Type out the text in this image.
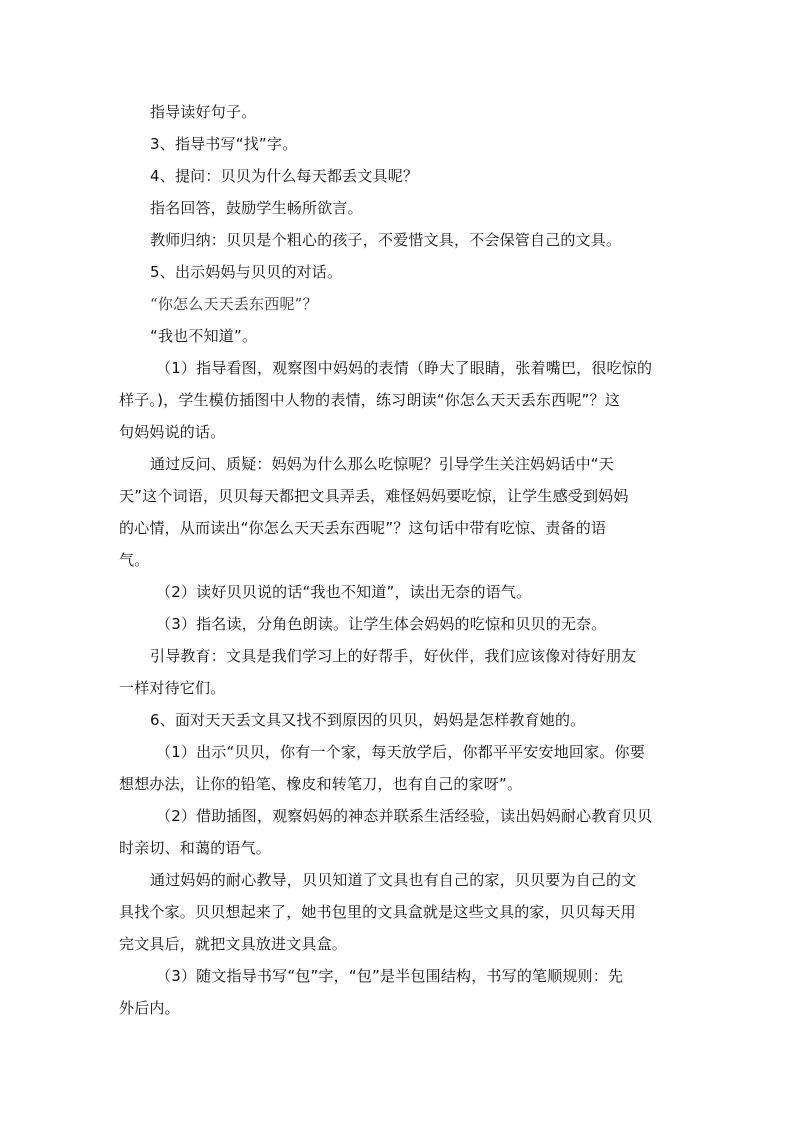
指导读好句子。

3、指导书写“找”字。

4、提问：贝贝为什么每天都丢文具呢？

指名回答，鼓励学生畅所欲言。

教师归纳：贝贝是个粗心的孩子，不爱惜文具，不会保管自己的文具。

5、出示妈妈与贝贝的对话。

“你怎么天天丢东西呢”？

“我也不知道”。

（1）指导看图，观察图中妈妈的表情（睁大了眼睛，张着嘴巴，很吃惊的

样子。)，学生模仿插图中人物的表情，练习朗读“你怎么天天丢东西呢”？这

句妈妈说的话。

通过反问、质疑：妈妈为什么那么吃惊呢？引导学生关注妈妈话中“天

天”这个词语，贝贝每天都把文具弄丢，难怪妈妈要吃惊，让学生感受到妈妈

的心情，从而读出“你怎么天天丢东西呢”？这句话中带有吃惊、责备的语

气。

（2）读好贝贝说的话“我也不知道”，读出无奈的语气。

（3）指名读，分角色朗读。让学生体会妈妈的吃惊和贝贝的无奈。

引导教育：文具是我们学习上的好帮手，好伙伴，我们应该像对待好朋友

一样对待它们。

6、面对天天丢文具又找不到原因的贝贝，妈妈是怎样教育她的。

（1）出示“贝贝，你有一个家，每天放学后，你都平平安安地回家。你要

想想办法，让你的铅笔、橡皮和转笔刀，也有自己的家呀”。

（2）借助插图，观察妈妈的神态并联系生活经验，读出妈妈耐心教育贝贝

时亲切、和蔼的语气。

通过妈妈的耐心教导，贝贝知道了文具也有自己的家，贝贝要为自己的文

具找个家。贝贝想起来了，她书包里的文具盒就是这些文具的家，贝贝每天用

完文具后，就把文具放进文具盒。

（3）随文指导书写“包”字，“包”是半包围结构，书写的笔顺规则：先

外后内。
